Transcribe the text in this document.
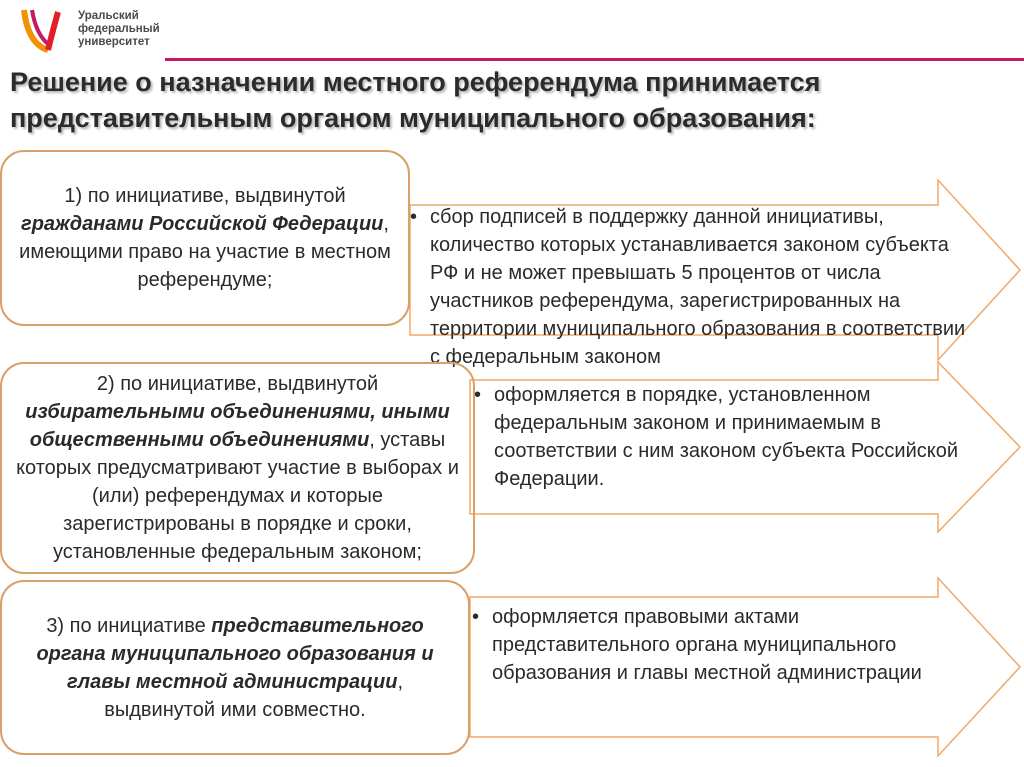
Уральский
федеральный
университет
Решение о назначении местного референдума принимается
представительным органом муниципального образования:
• сбор подписей в поддержку данной инициативы, количество которых устанавливается законом субъекта РФ и не может превышать 5 процентов от числа участников референдума, зарегистрированных на территории муниципального образования в соответствии с федеральным законом
• оформляется в порядке, установленном федеральным законом и принимаемым в соответствии с ним законом субъекта Российской Федерации.
• оформляется правовыми актами представительного органа муниципального образования и главы местной администрации
1) по инициативе, выдвинутой гражданами Российской Федерации, имеющими право на участие в местном референдуме;
2) по инициативе, выдвинутой избирательными объединениями, иными общественными объединениями, уставы которых предусматривают участие в выборах и (или) референдумах и которые зарегистрированы в порядке и сроки, установленные федеральным законом;
3) по инициативе представительного органа муниципального образования и главы местной администрации, выдвинутой ими совместно.
